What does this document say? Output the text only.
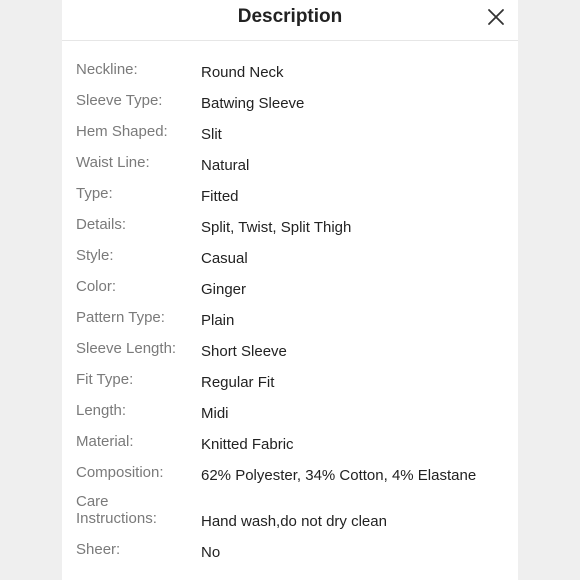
Description
Neckline:	Round Neck
Sleeve Type:	Batwing Sleeve
Hem Shaped:	Slit
Waist Line:	Natural
Type:	Fitted
Details:	Split, Twist, Split Thigh
Style:	Casual
Color:	Ginger
Pattern Type:	Plain
Sleeve Length:	Short Sleeve
Fit Type:	Regular Fit
Length:	Midi
Material:	Knitted Fabric
Composition:	62% Polyester, 34% Cotton, 4% Elastane
Care Instructions:	Hand wash,do not dry clean
Sheer:	No
